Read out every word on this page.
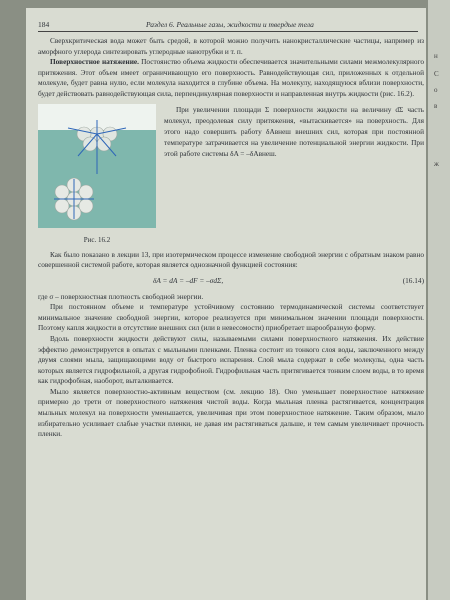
н
С
о
в
ж
184	Раздел 6. Реальные газы, жидкости и твердые тела

Сверхкритическая вода может быть средой, в которой можно получить нанокристаллические частицы, например из аморфного углерода синтезировать углеродные нанотрубки и т. п.

Поверхностное натяжение. Постоянство объема жидкости обеспечивается значительными силами межмолекулярного притяжения. Этот объем имеет ограничивающую его поверхность. Равнодействующая сил, приложенных к отдельной молекуле, будет равна нулю, если молекула находится в глубине объема. На молекулу, находящуюся вблизи поверхности, будет действовать равнодействующая сила, перпендикулярная поверхности и направленная внутрь жидкости (рис. 16.2).

Рис. 16.2

При увеличении площади Σ поверхности жидкости на величину dΣ часть молекул, преодолевая силу притяжения, «вытаскивается» на поверхность. Для этого надо совершить работу δAвнеш внешних сил, которая при постоянной температуре затрачивается на увеличение потенциальной энергии жидкости. При этой работе системы δA = –δAвнеш.

Как было показано в лекции 13, при изотермическом процессе изменение свободной энергии с обратным знаком равно совершенной системой работе, которая является однозначной функцией состояния:

δA = dA = –dF = –σdΣ,	(16.14)

где σ – поверхностная плотность свободной энергии.

При постоянном объеме и температуре устойчивому состоянию термодинамической системы соответствует минимальное значение свободной энергии, которое реализуется при минимальном значении площади поверхности. Поэтому капля жидкости в отсутствие внешних сил (или в невесомости) приобретает шарообразную форму.

Вдоль поверхности жидкости действуют силы, называемыми силами поверхностного натяжения. Их действие эффектно демонстрируется в опытах с мыльными пленками. Пленка состоит из тонкого слоя воды, заключенного между двумя слоями мыла, защищающими воду от быстрого испарения. Слой мыла содержат в себе молекулы, одна часть которых является гидрофильной, а другая гидрофобной. Гидрофильная часть притягивается тонким слоем воды, в то время как гидрофобная, наоборот, выталкивается.

Мыло является поверхностно-активным веществом (см. лекцию 18). Оно уменьшает поверхностное натяжение примерно до трети от поверхностного натяжения чистой воды. Когда мыльная пленка растягивается, концентрация мыльных молекул на поверхности уменьшается, увеличивая при этом поверхностное натяжение. Таким образом, мыло избирательно усиливает слабые участки пленки, не давая им растягиваться дальше, и тем самым увеличивает прочность пленки.
